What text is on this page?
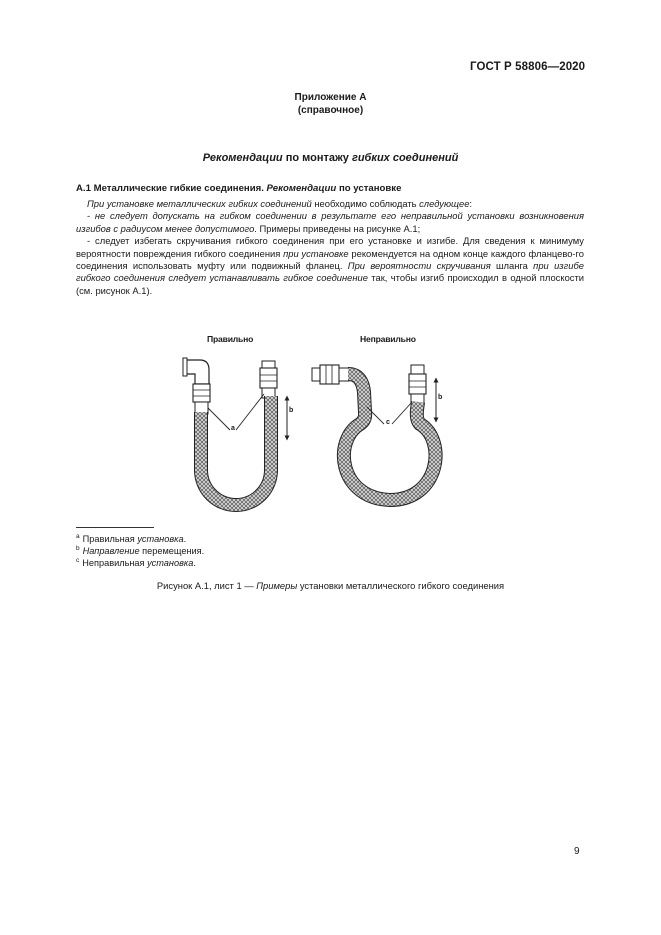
ГОСТ Р 58806—2020
Приложение А
(справочное)
Рекомендации по монтажу гибких соединений
А.1 Металлические гибкие соединения. Рекомендации по установке

При установке металлических гибких соединений необходимо соблюдать следующее:

- не следует допускать на гибком соединении в результате его неправильной установки возникновения изгибов с радиусом менее допустимого. Примеры приведены на рисунке А.1;

- следует избегать скручивания гибкого соединения при его установке и изгибе. Для сведения к минимуму вероятности повреждения гибкого соединения при установке рекомендуется на одном конце каждого фланцево-го соединения использовать муфту или подвижный фланец. При вероятности скручивания шланга при изгибе гибкого соединения следует устанавливать гибкое соединение так, чтобы изгиб происходил в одной плоскости (см. рисунок А.1).

Правильно	Неправильно
a
b
c
b
$^a$ Правильная установка.
$^b$ Направление перемещения.
$^c$ Неправильная установка.
Рисунок А.1, лист 1 — Примеры установки металлического гибкого соединения
9
